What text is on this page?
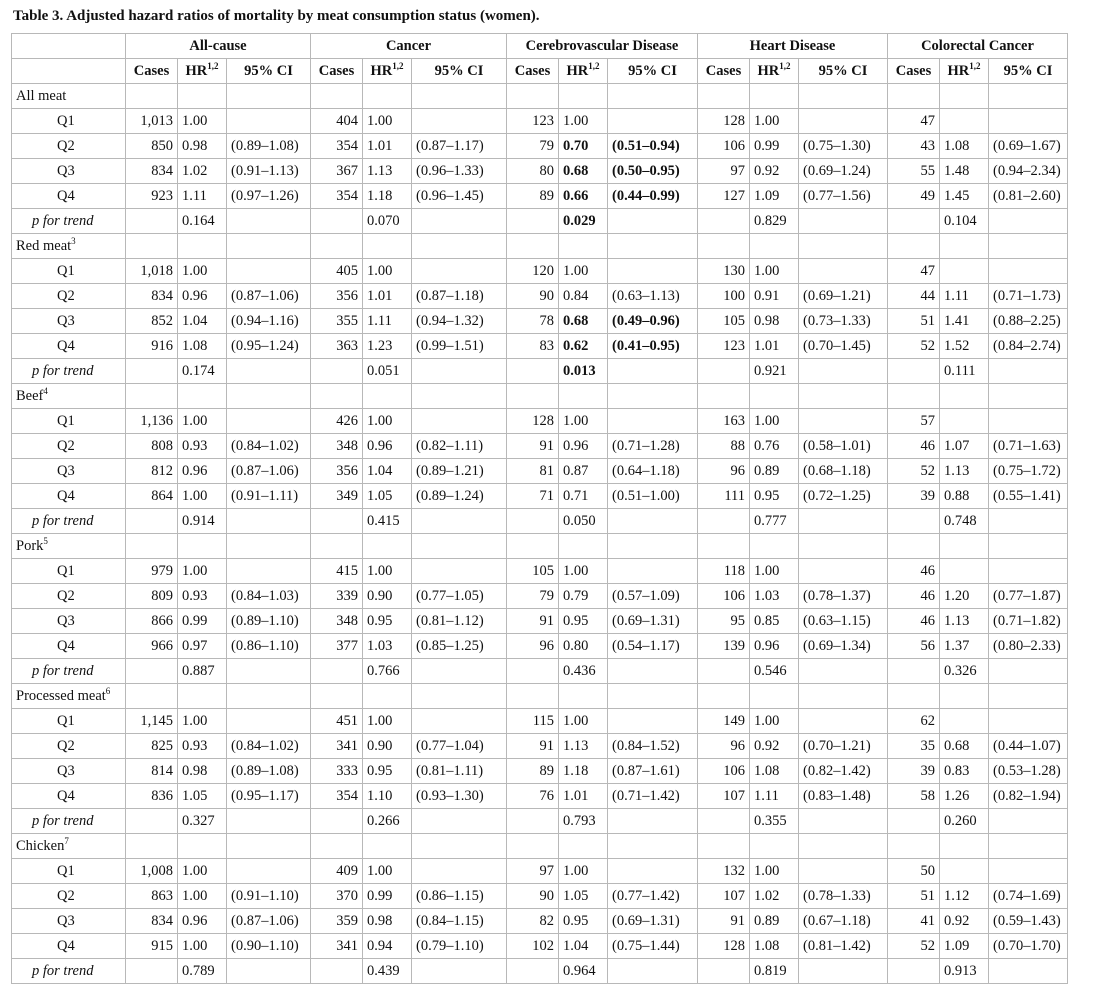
Table 3. Adjusted hazard ratios of mortality by meat consumption status (women).
	All-cause			Cancer			Cerebrovascular Disease			Heart Disease			Colorectal Cancer		
	Cases	HR$^{1,2}$	95% CI	Cases	HR$^{1,2}$	95% CI	Cases	HR$^{1,2}$	95% CI	Cases	HR$^{1,2}$	95% CI	Cases	HR$^{1,2}$	95% CI
All meat															
Q1	1,013	1.00		404	1.00		123	1.00		128	1.00		47		
Q2	850	0.98	(0.89–1.08)	354	1.01	(0.87–1.17)	79	0.70	(0.51–0.94)	106	0.99	(0.75–1.30)	43	1.08	(0.69–1.67)
Q3	834	1.02	(0.91–1.13)	367	1.13	(0.96–1.33)	80	0.68	(0.50–0.95)	97	0.92	(0.69–1.24)	55	1.48	(0.94–2.34)
Q4	923	1.11	(0.97–1.26)	354	1.18	(0.96–1.45)	89	0.66	(0.44–0.99)	127	1.09	(0.77–1.56)	49	1.45	(0.81–2.60)
p for trend		0.164			0.070			0.029			0.829			0.104	
Red meat$^3$															
Q1	1,018	1.00		405	1.00		120	1.00		130	1.00		47		
Q2	834	0.96	(0.87–1.06)	356	1.01	(0.87–1.18)	90	0.84	(0.63–1.13)	100	0.91	(0.69–1.21)	44	1.11	(0.71–1.73)
Q3	852	1.04	(0.94–1.16)	355	1.11	(0.94–1.32)	78	0.68	(0.49–0.96)	105	0.98	(0.73–1.33)	51	1.41	(0.88–2.25)
Q4	916	1.08	(0.95–1.24)	363	1.23	(0.99–1.51)	83	0.62	(0.41–0.95)	123	1.01	(0.70–1.45)	52	1.52	(0.84–2.74)
p for trend		0.174			0.051			0.013			0.921			0.111	
Beef$^4$															
Q1	1,136	1.00		426	1.00		128	1.00		163	1.00		57		
Q2	808	0.93	(0.84–1.02)	348	0.96	(0.82–1.11)	91	0.96	(0.71–1.28)	88	0.76	(0.58–1.01)	46	1.07	(0.71–1.63)
Q3	812	0.96	(0.87–1.06)	356	1.04	(0.89–1.21)	81	0.87	(0.64–1.18)	96	0.89	(0.68–1.18)	52	1.13	(0.75–1.72)
Q4	864	1.00	(0.91–1.11)	349	1.05	(0.89–1.24)	71	0.71	(0.51–1.00)	111	0.95	(0.72–1.25)	39	0.88	(0.55–1.41)
p for trend		0.914			0.415			0.050			0.777			0.748	
Pork$^5$															
Q1	979	1.00		415	1.00		105	1.00		118	1.00		46		
Q2	809	0.93	(0.84–1.03)	339	0.90	(0.77–1.05)	79	0.79	(0.57–1.09)	106	1.03	(0.78–1.37)	46	1.20	(0.77–1.87)
Q3	866	0.99	(0.89–1.10)	348	0.95	(0.81–1.12)	91	0.95	(0.69–1.31)	95	0.85	(0.63–1.15)	46	1.13	(0.71–1.82)
Q4	966	0.97	(0.86–1.10)	377	1.03	(0.85–1.25)	96	0.80	(0.54–1.17)	139	0.96	(0.69–1.34)	56	1.37	(0.80–2.33)
p for trend		0.887			0.766			0.436			0.546			0.326	
Processed meat$^6$															
Q1	1,145	1.00		451	1.00		115	1.00		149	1.00		62		
Q2	825	0.93	(0.84–1.02)	341	0.90	(0.77–1.04)	91	1.13	(0.84–1.52)	96	0.92	(0.70–1.21)	35	0.68	(0.44–1.07)
Q3	814	0.98	(0.89–1.08)	333	0.95	(0.81–1.11)	89	1.18	(0.87–1.61)	106	1.08	(0.82–1.42)	39	0.83	(0.53–1.28)
Q4	836	1.05	(0.95–1.17)	354	1.10	(0.93–1.30)	76	1.01	(0.71–1.42)	107	1.11	(0.83–1.48)	58	1.26	(0.82–1.94)
p for trend		0.327			0.266			0.793			0.355			0.260	
Chicken$^7$															
Q1	1,008	1.00		409	1.00		97	1.00		132	1.00		50		
Q2	863	1.00	(0.91–1.10)	370	0.99	(0.86–1.15)	90	1.05	(0.77–1.42)	107	1.02	(0.78–1.33)	51	1.12	(0.74–1.69)
Q3	834	0.96	(0.87–1.06)	359	0.98	(0.84–1.15)	82	0.95	(0.69–1.31)	91	0.89	(0.67–1.18)	41	0.92	(0.59–1.43)
Q4	915	1.00	(0.90–1.10)	341	0.94	(0.79–1.10)	102	1.04	(0.75–1.44)	128	1.08	(0.81–1.42)	52	1.09	(0.70–1.70)
p for trend		0.789			0.439			0.964			0.819			0.913	
